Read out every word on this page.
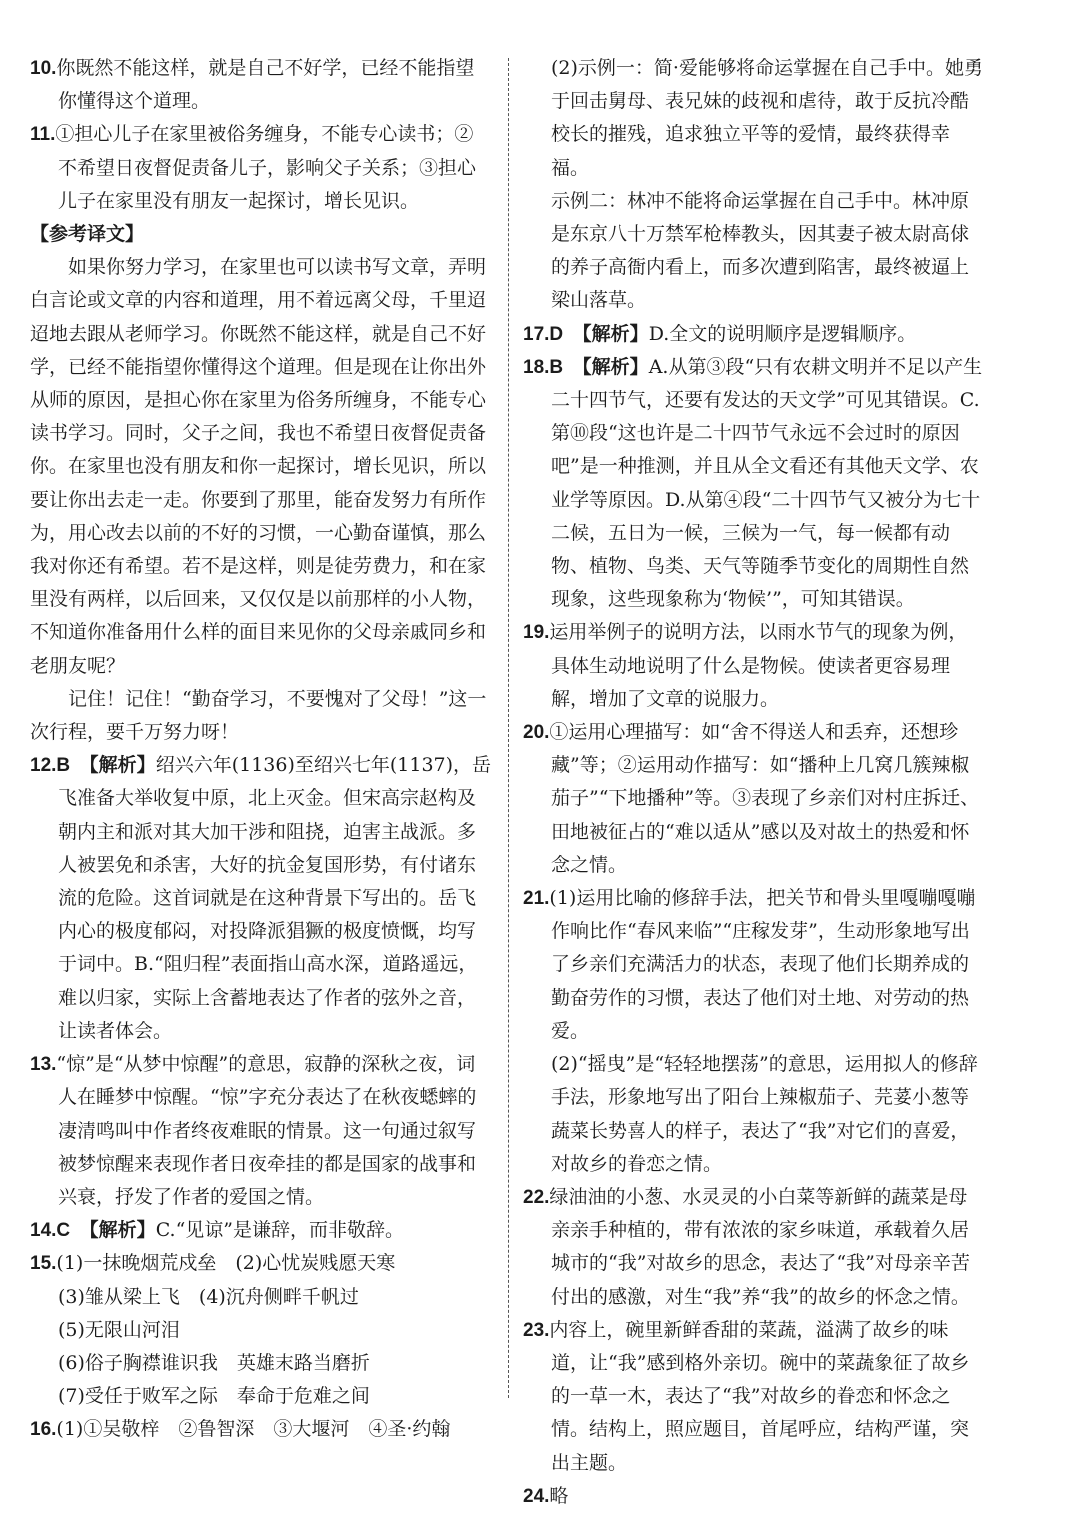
10.你既然不能这样，就是自己不好学，已经不能指望你懂得这个道理。

11.①担心儿子在家里被俗务缠身，不能专心读书；②不希望日夜督促责备儿子，影响父子关系；③担心儿子在家里没有朋友一起探讨，增长见识。

【参考译文】

如果你努力学习，在家里也可以读书写文章，弄明白言论或文章的内容和道理，用不着远离父母，千里迢迢地去跟从老师学习。你既然不能这样，就是自己不好学，已经不能指望你懂得这个道理。但是现在让你出外从师的原因，是担心你在家里为俗务所缠身，不能专心读书学习。同时，父子之间，我也不希望日夜督促责备你。在家里也没有朋友和你一起探讨，增长见识，所以要让你出去走一走。你要到了那里，能奋发努力有所作为，用心改去以前的不好的习惯，一心勤奋谨慎，那么我对你还有希望。若不是这样，则是徒劳费力，和在家里没有两样，以后回来，又仅仅是以前那样的小人物，不知道你准备用什么样的面目来见你的父母亲戚同乡和老朋友呢？

记住！记住！“勤奋学习，不要愧对了父母！”这一次行程，要千万努力呀！

12.B　 【解析】绍兴六年(1136)至绍兴七年(1137)，岳飞准备大举收复中原，北上灭金。但宋高宗赵构及朝内主和派对其大加干涉和阻挠，迫害主战派。多人被罢免和杀害，大好的抗金复国形势，有付诸东流的危险。这首词就是在这种背景下写出的。岳飞内心的极度郁闷，对投降派猖獗的极度愤慨，均写于词中。B.“阻归程”表面指山高水深，道路遥远，难以归家，实际上含蓄地表达了作者的弦外之音，让读者体会。

13.“惊”是“从梦中惊醒”的意思，寂静的深秋之夜，词人在睡梦中惊醒。“惊”字充分表达了在秋夜蟋蟀的凄清鸣叫中作者终夜难眠的情景。这一句通过叙写被梦惊醒来表现作者日夜牵挂的都是国家的战事和兴衰，抒发了作者的爱国之情。

14.C　 【解析】C.“见谅”是谦辞，而非敬辞。

15.(1)一抹晚烟荒戍垒　(2)心忧炭贱愿天寒

(3)雏从梁上飞　(4)沉舟侧畔千帆过

(5)无限山河泪

(6)俗子胸襟谁识我　英雄末路当磨折

(7)受任于败军之际　奉命于危难之间

16.(1)①吴敬梓　②鲁智深　③大堰河　④圣·约翰

(2)示例一：简·爱能够将命运掌握在自己手中。她勇于回击舅母、表兄妹的歧视和虐待，敢于反抗冷酷校长的摧残，追求独立平等的爱情，最终获得幸福。

示例二：林冲不能将命运掌握在自己手中。林冲原是东京八十万禁军枪棒教头，因其妻子被太尉高俅的养子高衙内看上，而多次遭到陷害，最终被逼上梁山落草。

17.D　 【解析】D.全文的说明顺序是逻辑顺序。

18.B　 【解析】A.从第③段“只有农耕文明并不足以产生二十四节气，还要有发达的天文学”可见其错误。C.第⑩段“这也许是二十四节气永远不会过时的原因吧”是一种推测，并且从全文看还有其他天文学、农业学等原因。D.从第④段“二十四节气又被分为七十二候，五日为一候，三候为一气，每一候都有动物、植物、鸟类、天气等随季节变化的周期性自然现象，这些现象称为‘物候’”，可知其错误。

19.运用举例子的说明方法，以雨水节气的现象为例，具体生动地说明了什么是物候。使读者更容易理解，增加了文章的说服力。

20.①运用心理描写：如“舍不得送人和丢弃，还想珍藏”等；②运用动作描写：如“播种上几窝几簇辣椒茄子”“下地播种”等。③表现了乡亲们对村庄拆迁、田地被征占的“难以适从”感以及对故土的热爱和怀念之情。

21.(1)运用比喻的修辞手法，把关节和骨头里嘎嘣嘎嘣作响比作“春风来临”“庄稼发芽”，生动形象地写出了乡亲们充满活力的状态，表现了他们长期养成的勤奋劳作的习惯，表达了他们对土地、对劳动的热爱。

(2)“摇曳”是“轻轻地摆荡”的意思，运用拟人的修辞手法，形象地写出了阳台上辣椒茄子、芫荽小葱等蔬菜长势喜人的样子，表达了“我”对它们的喜爱，对故乡的眷恋之情。

22.绿油油的小葱、水灵灵的小白菜等新鲜的蔬菜是母亲亲手种植的，带有浓浓的家乡味道，承载着久居城市的“我”对故乡的思念，表达了“我”对母亲辛苦付出的感激，对生“我”养“我”的故乡的怀念之情。

23.内容上，碗里新鲜香甜的菜蔬，溢满了故乡的味道，让“我”感到格外亲切。碗中的菜蔬象征了故乡的一草一木，表达了“我”对故乡的眷恋和怀念之情。结构上，照应题目，首尾呼应，结构严谨，突出主题。

24.略
